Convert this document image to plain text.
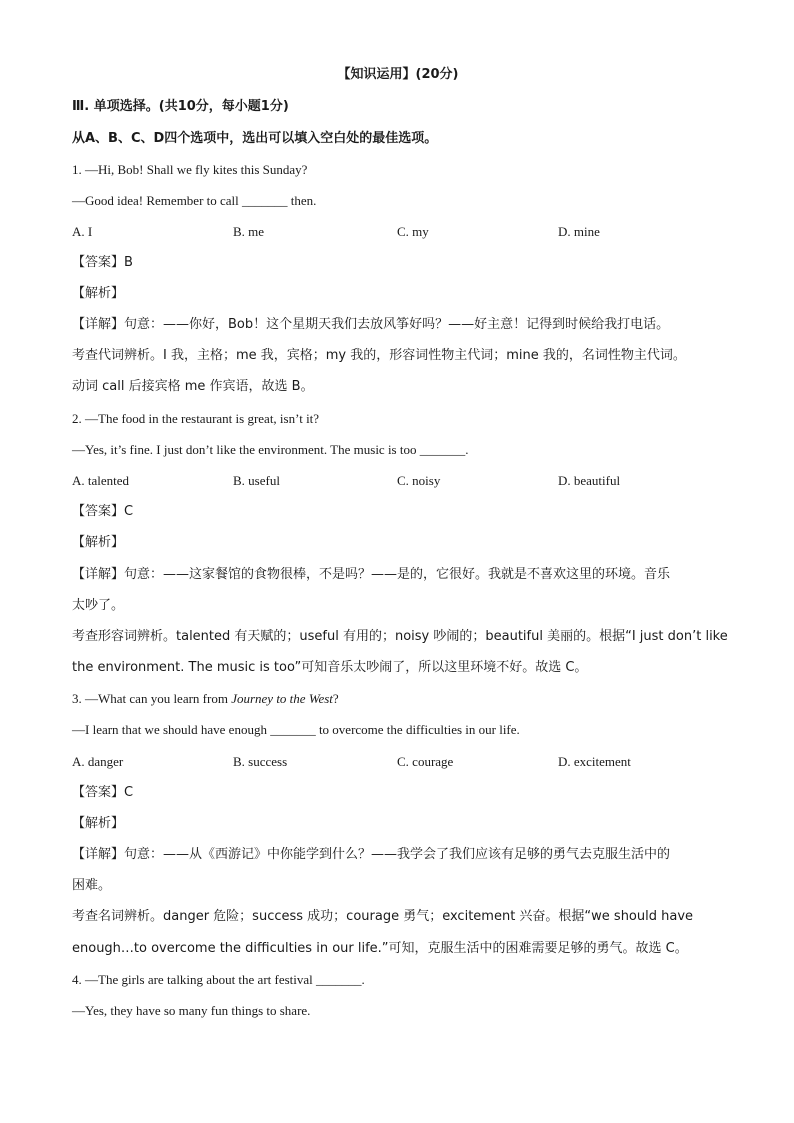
【知识运用】(20分)
Ⅲ. 单项选择。(共10分，每小题1分)
从A、B、C、D四个选项中，选出可以填入空白处的最佳选项。
1. —Hi, Bob! Shall we fly kites this Sunday?
—Good idea! Remember to call _______ then.
A. I	B. me	C. my	D. mine
【答案】B
【解析】
【详解】句意：——你好，Bob！这个星期天我们去放风筝好吗？——好主意！记得到时候给我打电话。
考查代词辨析。I 我，主格；me 我，宾格；my 我的，形容词性物主代词；mine 我的，名词性物主代词。
动词 call 后接宾格 me 作宾语，故选 B。
2. —The food in the restaurant is great, isn’t it?
—Yes, it’s fine. I just don’t like the environment. The music is too _______.
A. talented	B. useful	C. noisy	D. beautiful
【答案】C
【解析】
【详解】句意：——这家餐馆的食物很棒，不是吗？——是的，它很好。我就是不喜欢这里的环境。音乐
太吵了。
考查形容词辨析。talented 有天赋的；useful 有用的；noisy 吵闹的；beautiful 美丽的。根据“I just don’t like
the environment. The music is too”可知音乐太吵闹了，所以这里环境不好。故选 C。
3. —What can you learn from Journey to the West?
—I learn that we should have enough _______ to overcome the difficulties in our life.
A. danger	B. success	C. courage	D. excitement
【答案】C
【解析】
【详解】句意：——从《西游记》中你能学到什么？——我学会了我们应该有足够的勇气去克服生活中的
困难。
考查名词辨析。danger 危险；success 成功；courage 勇气；excitement 兴奋。根据“we should have
enough…to overcome the difficulties in our life.”可知，克服生活中的困难需要足够的勇气。故选 C。
4. —The girls are talking about the art festival _______.
—Yes, they have so many fun things to share.
